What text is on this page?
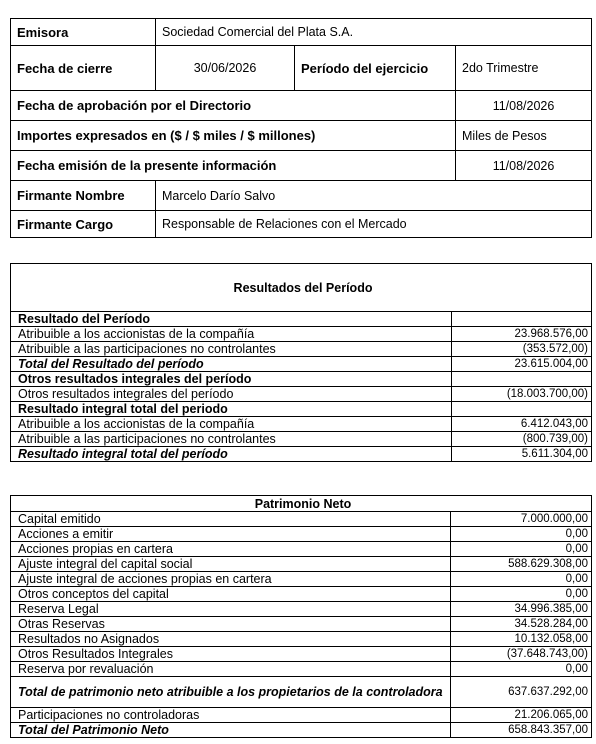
Emisora	Sociedad Comercial del Plata S.A.		
Fecha de cierre	30/06/2026	Período del ejercicio	2do Trimestre
Fecha de aprobación por el Directorio			11/08/2026
Importes expresados en ($ / $ miles / $ millones)			Miles de Pesos
Fecha emisión de la presente información			11/08/2026
Firmante Nombre	Marcelo Darío Salvo		
Firmante Cargo	Responsable de Relaciones con el Mercado		
Resultados del Período	
Resultado del Período	
Atribuible a los accionistas de la compañía	23.968.576,00
Atribuible a las participaciones no controlantes	(353.572,00)
Total del Resultado del período	23.615.004,00
Otros resultados integrales del período	
Otros resultados integrales del período	(18.003.700,00)
Resultado integral total del periodo	
Atribuible a los accionistas de la compañía	6.412.043,00
Atribuible a las participaciones no controlantes	(800.739,00)
Resultado integral total del período	5.611.304,00
Patrimonio Neto	
Capital emitido	7.000.000,00
Acciones a emitir	0,00
Acciones propias en cartera	0,00
Ajuste integral del capital social	588.629.308,00
Ajuste integral de acciones propias en cartera	0,00
Otros conceptos del capital	0,00
Reserva Legal	34.996.385,00
Otras Reservas	34.528.284,00
Resultados no Asignados	10.132.058,00
Otros Resultados Integrales	(37.648.743,00)
Reserva por revaluación	0,00
Total de patrimonio neto atribuible a los propietarios de la controladora	637.637.292,00
Participaciones no controladoras	21.206.065,00
Total del Patrimonio Neto	658.843.357,00
